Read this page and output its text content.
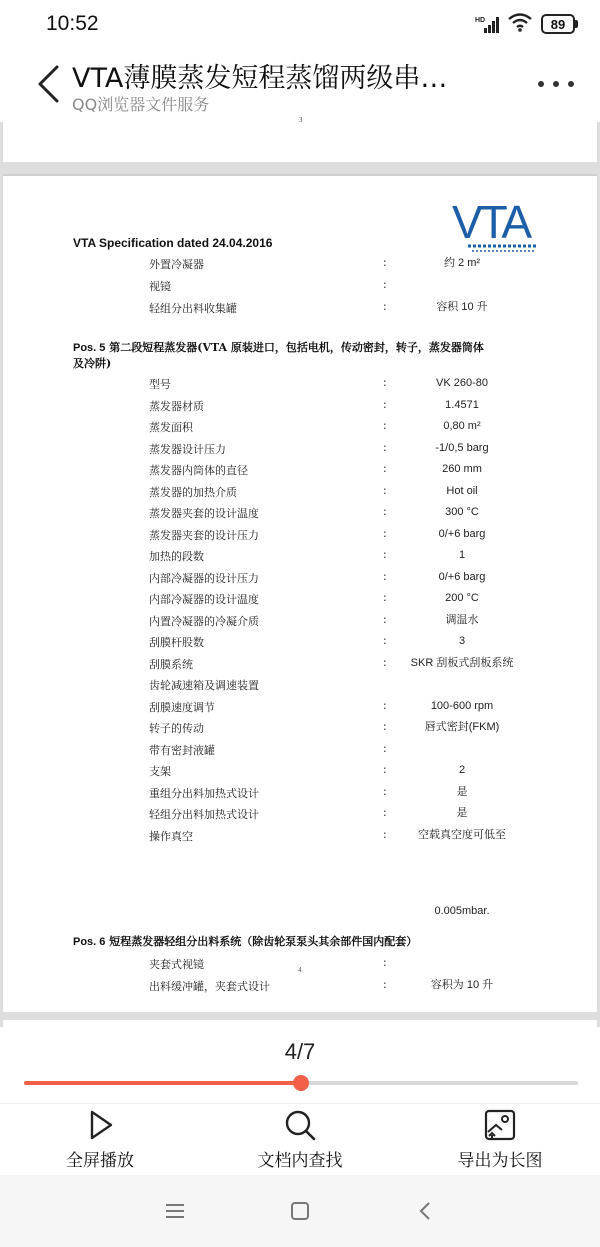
10:52	HD	89
VTA薄膜蒸发短程蒸馏两级串…
QQ浏览器文件服务
3
VTA
VTA Specification dated 24.04.2016
外置冷凝器	:	约 2 m²
视镜	:
轻组分出料收集罐	:	容积 10 升
Pos. 5 第二段短程蒸发器(VTA 原装进口，包括电机，传动密封，转子，蒸发器筒体
及冷阱)
型号	:	VK 260-80
蒸发器材质	:	1.4571
蒸发面积	:	0,80 m²
蒸发器设计压力	:	-1/0,5 barg
蒸发器内筒体的直径	:	260 mm
蒸发器的加热介质	:	Hot oil
蒸发器夹套的设计温度	:	300 °C
蒸发器夹套的设计压力	:	0/+6 barg
加热的段数	:	1
内部冷凝器的设计压力	:	0/+6 barg
内部冷凝器的设计温度	:	200 °C
内置冷凝器的冷凝介质	:	调温水
刮膜杆股数	:	3
刮膜系统	:	SKR 刮板式刮板系统
齿轮减速箱及调速装置
刮膜速度调节	:	100-600 rpm
转子的传动	:	唇式密封(FKM)
带有密封液罐	:
支架	:	2
重组分出料加热式设计	:	是
轻组分出料加热式设计	:	是
操作真空	:	空载真空度可低至
0.005mbar.
Pos. 6 短程蒸发器轻组分出料系统（除齿轮泵泵头其余部件国内配套）
夹套式视镜	:
出料缓冲罐，夹套式设计	:	容积为 10 升
4
4/7
全屏播放	文档内查找	导出为长图
